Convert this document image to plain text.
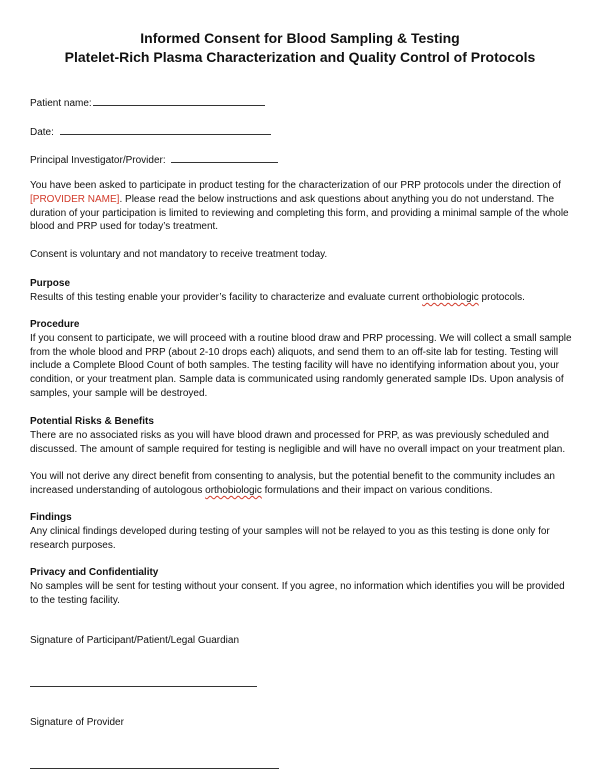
Informed Consent for Blood Sampling & Testing
Platelet-Rich Plasma Characterization and Quality Control of Protocols
Patient name:
Date:
Principal Investigator/Provider:
You have been asked to participate in product testing for the characterization of our PRP protocols under the direction of [PROVIDER NAME]. Please read the below instructions and ask questions about anything you do not understand. The duration of your participation is limited to reviewing and completing this form, and providing a minimal sample of the whole blood and PRP used for today’s treatment.
Consent is voluntary and not mandatory to receive treatment today.
Purpose
Results of this testing enable your provider’s facility to characterize and evaluate current orthobiologic protocols.
Procedure
If you consent to participate, we will proceed with a routine blood draw and PRP processing. We will collect a small sample from the whole blood and PRP (about 2-10 drops each) aliquots, and send them to an off-site lab for testing. Testing will include a Complete Blood Count of both samples. The testing facility will have no identifying information about you, your condition, or your treatment plan. Sample data is communicated using randomly generated sample IDs. Upon analysis of samples, your sample will be destroyed.
Potential Risks & Benefits
There are no associated risks as you will have blood drawn and processed for PRP, as was previously scheduled and discussed. The amount of sample required for testing is negligible and will have no overall impact on your treatment plan.
You will not derive any direct benefit from consenting to analysis, but the potential benefit to the community includes an increased understanding of autologous orthobiologic formulations and their impact on various conditions.
Findings
Any clinical findings developed during testing of your samples will not be relayed to you as this testing is done only for research purposes.
Privacy and Confidentiality
No samples will be sent for testing without your consent. If you agree, no information which identifies you will be provided to the testing facility.
Signature of Participant/Patient/Legal Guardian
Signature of Provider
